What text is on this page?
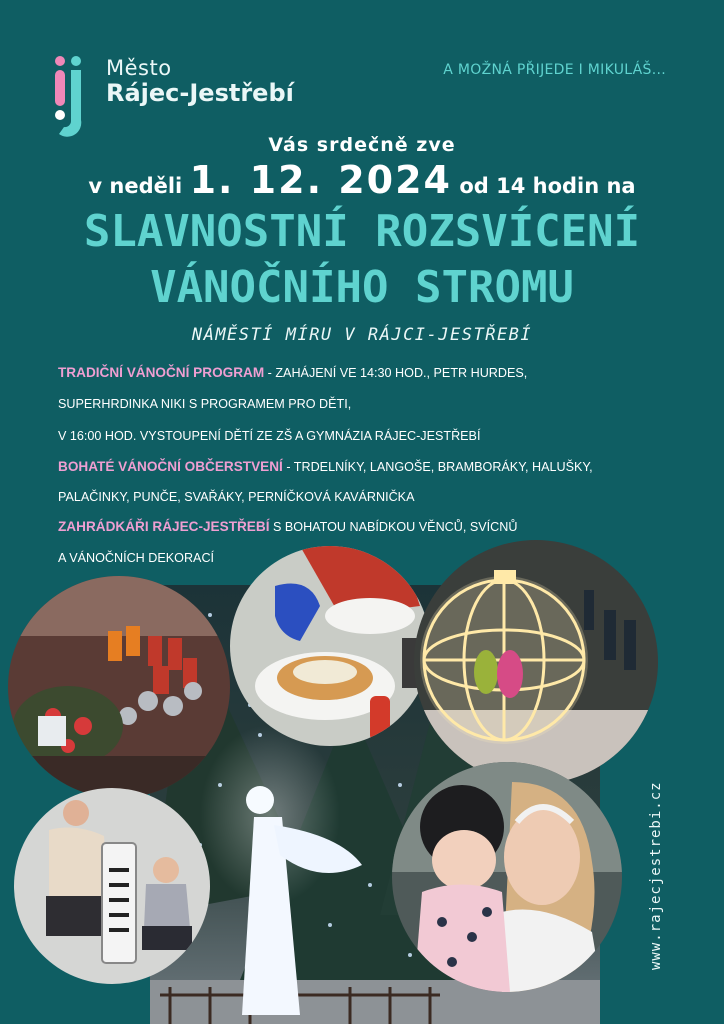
Město
Rájec-Jestřebí
A MOŽNÁ PŘIJEDE I MIKULÁŠ...
Vás srdečně zve
v neděli 1. 12. 2024 od 14 hodin na
SLAVNOSTNÍ ROZSVÍCENÍ
VÁNOČNÍHO STROMU
NÁMĚSTÍ MÍRU V RÁJCI-JESTŘEBÍ
TRADIČNÍ VÁNOČNÍ PROGRAM - ZAHÁJENÍ VE 14:30 HOD., PETR HURDES,
SUPERHRDINKA NIKI S PROGRAMEM PRO DĚTI,
V 16:00 HOD. VYSTOUPENÍ DĚTÍ ZE ZŠ A GYMNÁZIA RÁJEC-JESTŘEBÍ
BOHATÉ VÁNOČNÍ OBČERSTVENÍ - TRDELNÍKY, LANGOŠE, BRAMBORÁKY, HALUŠKY,
PALAČINKY, PUNČE, SVAŘÁKY, PERNÍČKOVÁ KAVÁRNIČKA
ZAHRÁDKÁŘI RÁJEC-JESTŘEBÍ S BOHATOU NABÍDKOU VĚNCŮ, SVÍCNŮ
A VÁNOČNÍCH DEKORACÍ
www.rajecjestrebi.cz
